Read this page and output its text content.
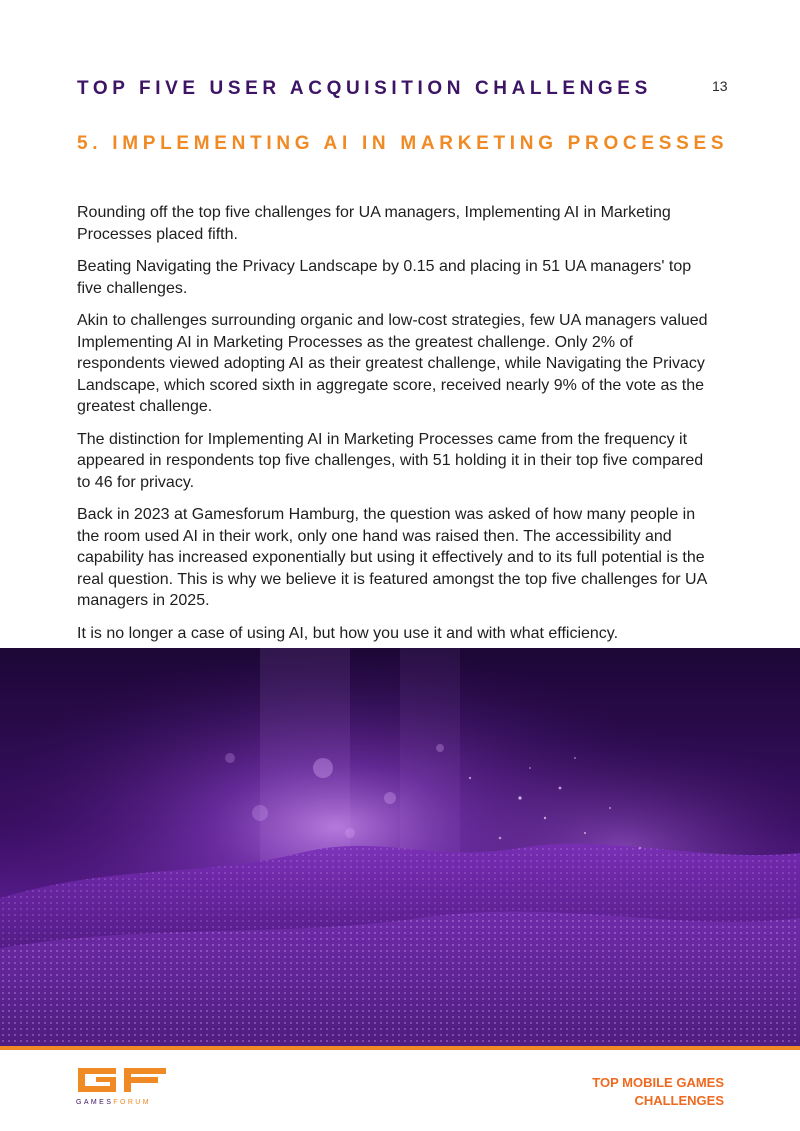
13
TOP FIVE USER ACQUISITION CHALLENGES
5. IMPLEMENTING AI IN MARKETING PROCESSES

Rounding off the top five challenges for UA managers, Implementing AI in Marketing Processes placed fifth.

Beating Navigating the Privacy Landscape by 0.15 and placing in 51 UA managers' top five challenges.

Akin to challenges surrounding organic and low-cost strategies, few UA managers valued Implementing AI in Marketing Processes as the greatest challenge. Only 2% of respondents viewed adopting AI as their greatest challenge, while Navigating the Privacy Landscape, which scored sixth in aggregate score, received nearly 9% of the vote as the greatest challenge.

The distinction for Implementing AI in Marketing Processes came from the frequency it appeared in respondents top five challenges, with 51 holding it in their top five compared to 46 for privacy.

Back in 2023 at Gamesforum Hamburg, the question was asked of how many people in the room used AI in their work, only one hand was raised then. The accessibility and capability has increased exponentially but using it effectively and to its full potential is the real question. This is why we believe it is featured amongst the top five challenges for UA managers in 2025.

It is no longer a case of using AI, but how you use it and with what efficiency.

GAMESFORUM
TOP MOBILE GAMES
CHALLENGES
